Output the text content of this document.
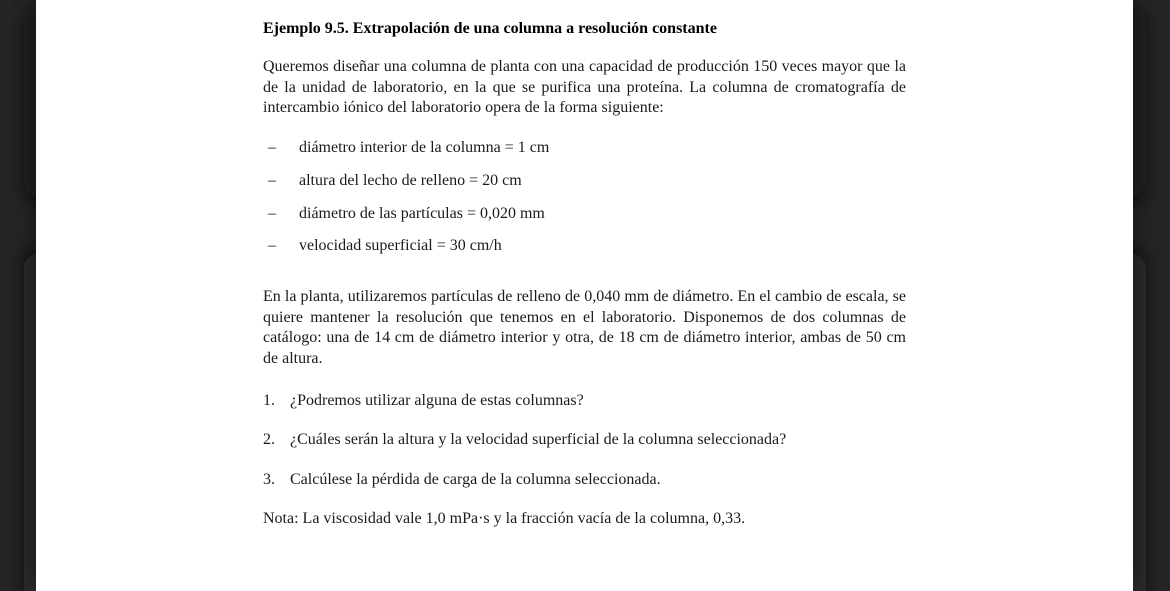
Ejemplo 9.5. Extrapolación de una columna a resolución constante

Queremos diseñar una columna de planta con una capacidad de producción 150 veces mayor que la de la unidad de laboratorio, en la que se purifica una proteína. La columna de cromatografía de intercambio iónico del laboratorio opera de la forma siguiente:

– diámetro interior de la columna = 1 cm
– altura del lecho de relleno = 20 cm
– diámetro de las partículas = 0,020 mm
– velocidad superficial = 30 cm/h

En la planta, utilizaremos partículas de relleno de 0,040 mm de diámetro. En el cambio de escala, se quiere mantener la resolución que tenemos en el laboratorio. Disponemos de dos columnas de catálogo: una de 14 cm de diámetro interior y otra, de 18 cm de diámetro interior, ambas de 50 cm de altura.

1. ¿Podremos utilizar alguna de estas columnas?
2. ¿Cuáles serán la altura y la velocidad superficial de la columna seleccionada?
3. Calcúlese la pérdida de carga de la columna seleccionada.

Nota: La viscosidad vale 1,0 mPa·s y la fracción vacía de la columna, 0,33.
